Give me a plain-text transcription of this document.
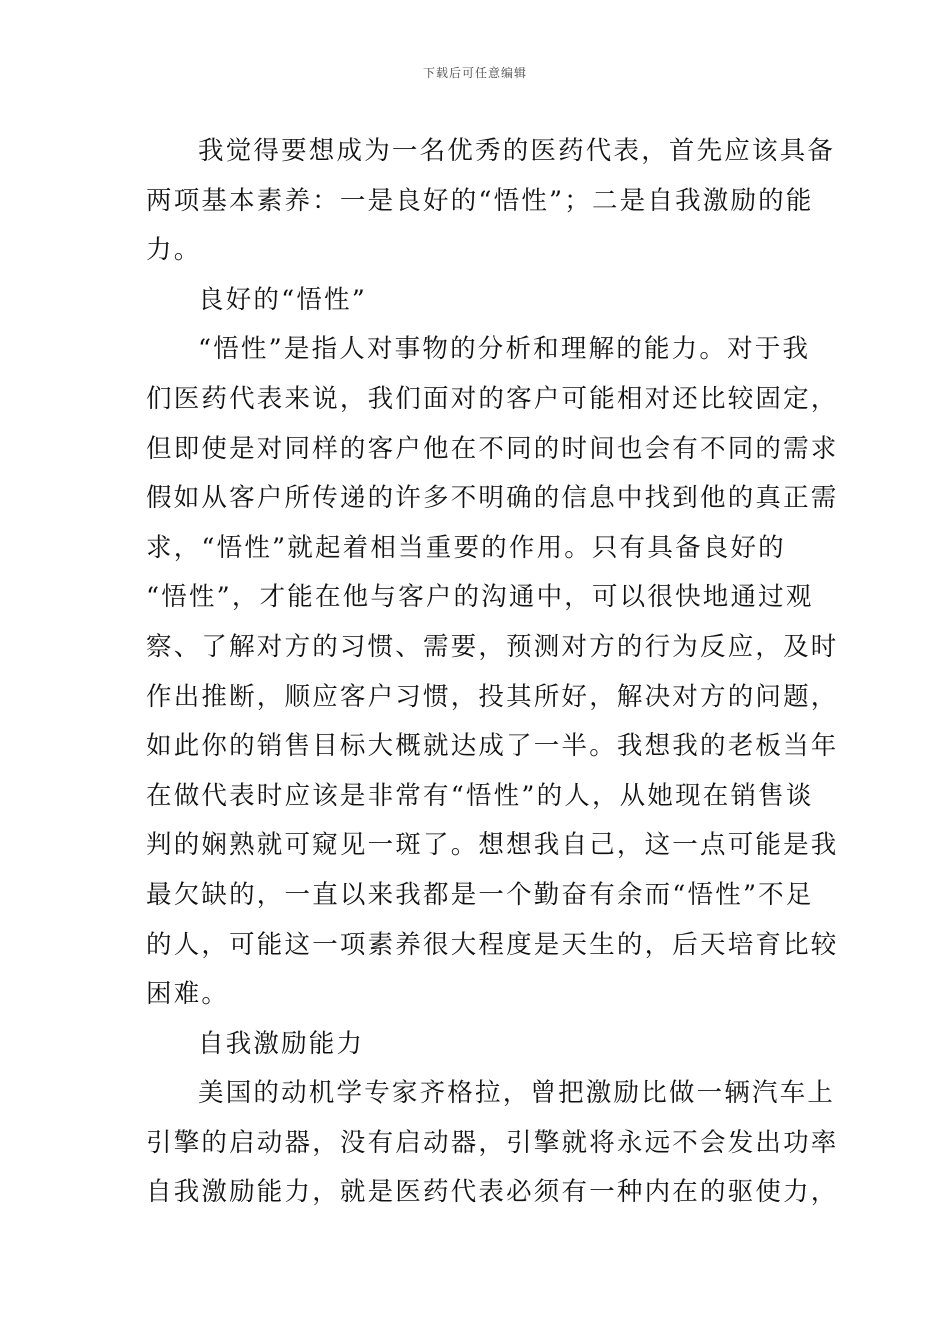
下载后可任意编辑
我觉得要想成为一名优秀的医药代表，首先应该具备
两项基本素养：一是良好的“悟性”；二是自我激励的能
力。
良好的“悟性”
“悟性”是指人对事物的分析和理解的能力。对于我
们医药代表来说，我们面对的客户可能相对还比较固定，
但即使是对同样的客户他在不同的时间也会有不同的需求
假如从客户所传递的许多不明确的信息中找到他的真正需
求，“悟性”就起着相当重要的作用。只有具备良好的
“悟性”，才能在他与客户的沟通中，可以很快地通过观
察、了解对方的习惯、需要，预测对方的行为反应，及时
作出推断，顺应客户习惯，投其所好，解决对方的问题，
如此你的销售目标大概就达成了一半。我想我的老板当年
在做代表时应该是非常有“悟性”的人，从她现在销售谈
判的娴熟就可窥见一斑了。想想我自己，这一点可能是我
最欠缺的，一直以来我都是一个勤奋有余而“悟性”不足
的人，可能这一项素养很大程度是天生的，后天培育比较
困难。
自我激励能力
美国的动机学专家齐格拉，曾把激励比做一辆汽车上
引擎的启动器，没有启动器，引擎就将永远不会发出功率
自我激励能力，就是医药代表必须有一种内在的驱使力，
